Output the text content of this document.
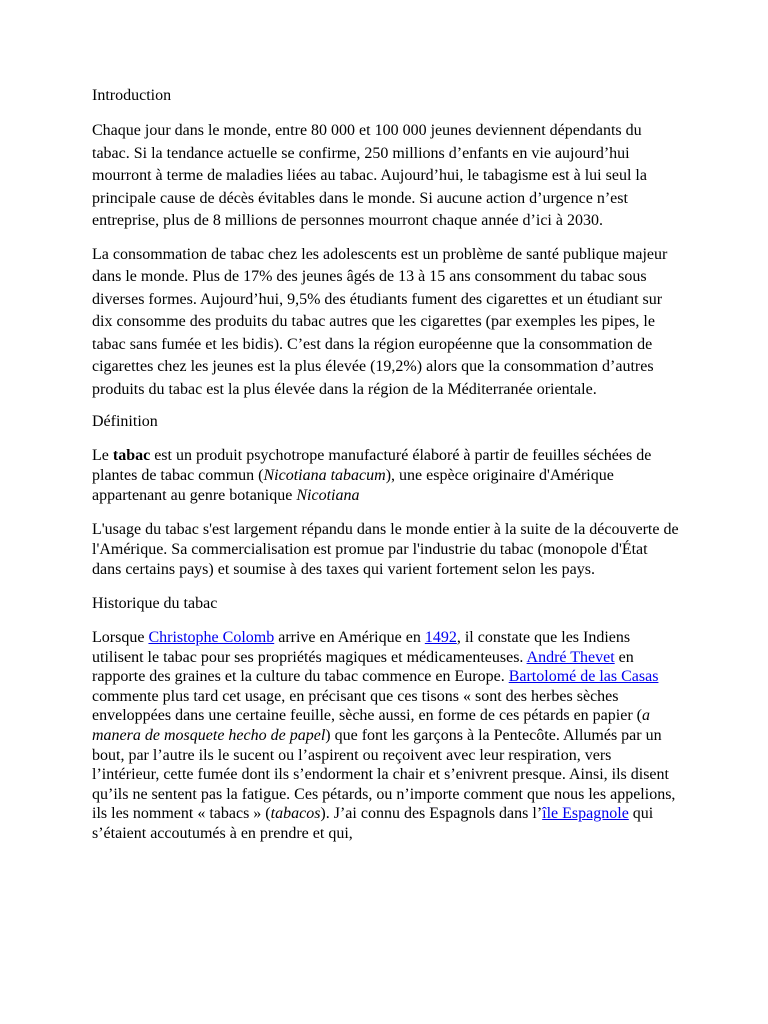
Introduction

Chaque jour dans le monde, entre 80 000 et 100 000 jeunes deviennent dépendants du tabac. Si la tendance actuelle se confirme, 250 millions d’enfants en vie aujourd’hui mourront à terme de maladies liées au tabac. Aujourd’hui, le tabagisme est à lui seul la principale cause de décès évitables dans le monde. Si aucune action d’urgence n’est entreprise, plus de 8 millions de personnes mourront chaque année d’ici à 2030.

La consommation de tabac chez les adolescents est un problème de santé publique majeur dans le monde. Plus de 17% des jeunes âgés de 13 à 15 ans consomment du tabac sous diverses formes. Aujourd’hui, 9,5% des étudiants fument des cigarettes et un étudiant sur dix consomme des produits du tabac autres que les cigarettes (par exemples les pipes, le tabac sans fumée et les bidis). C’est dans la région européenne que la consommation de cigarettes chez les jeunes est la plus élevée (19,2%) alors que la consommation d’autres produits du tabac est la plus élevée dans la région de la Méditerranée orientale.

Définition

Le tabac est un produit psychotrope manufacturé élaboré à partir de feuilles séchées de plantes de tabac commun (Nicotiana tabacum), une espèce originaire d'Amérique appartenant au genre botanique Nicotiana

L'usage du tabac s'est largement répandu dans le monde entier à la suite de la découverte de l'Amérique. Sa commercialisation est promue par l'industrie du tabac (monopole d'État dans certains pays) et soumise à des taxes qui varient fortement selon les pays.

Historique du tabac

Lorsque Christophe Colomb arrive en Amérique en 1492, il constate que les Indiens utilisent le tabac pour ses propriétés magiques et médicamenteuses. André Thevet en rapporte des graines et la culture du tabac commence en Europe. Bartolomé de las Casas commente plus tard cet usage, en précisant que ces tisons « sont des herbes sèches enveloppées dans une certaine feuille, sèche aussi, en forme de ces pétards en papier (a manera de mosquete hecho de papel) que font les garçons à la Pentecôte. Allumés par un bout, par l’autre ils le sucent ou l’aspirent ou reçoivent avec leur respiration, vers l’intérieur, cette fumée dont ils s’endorment la chair et s’enivrent presque. Ainsi, ils disent qu’ils ne sentent pas la fatigue. Ces pétards, ou n’importe comment que nous les appelions, ils les nomment « tabacs » (tabacos). J’ai connu des Espagnols dans l’île Espagnole qui s’étaient accoutumés à en prendre et qui,
